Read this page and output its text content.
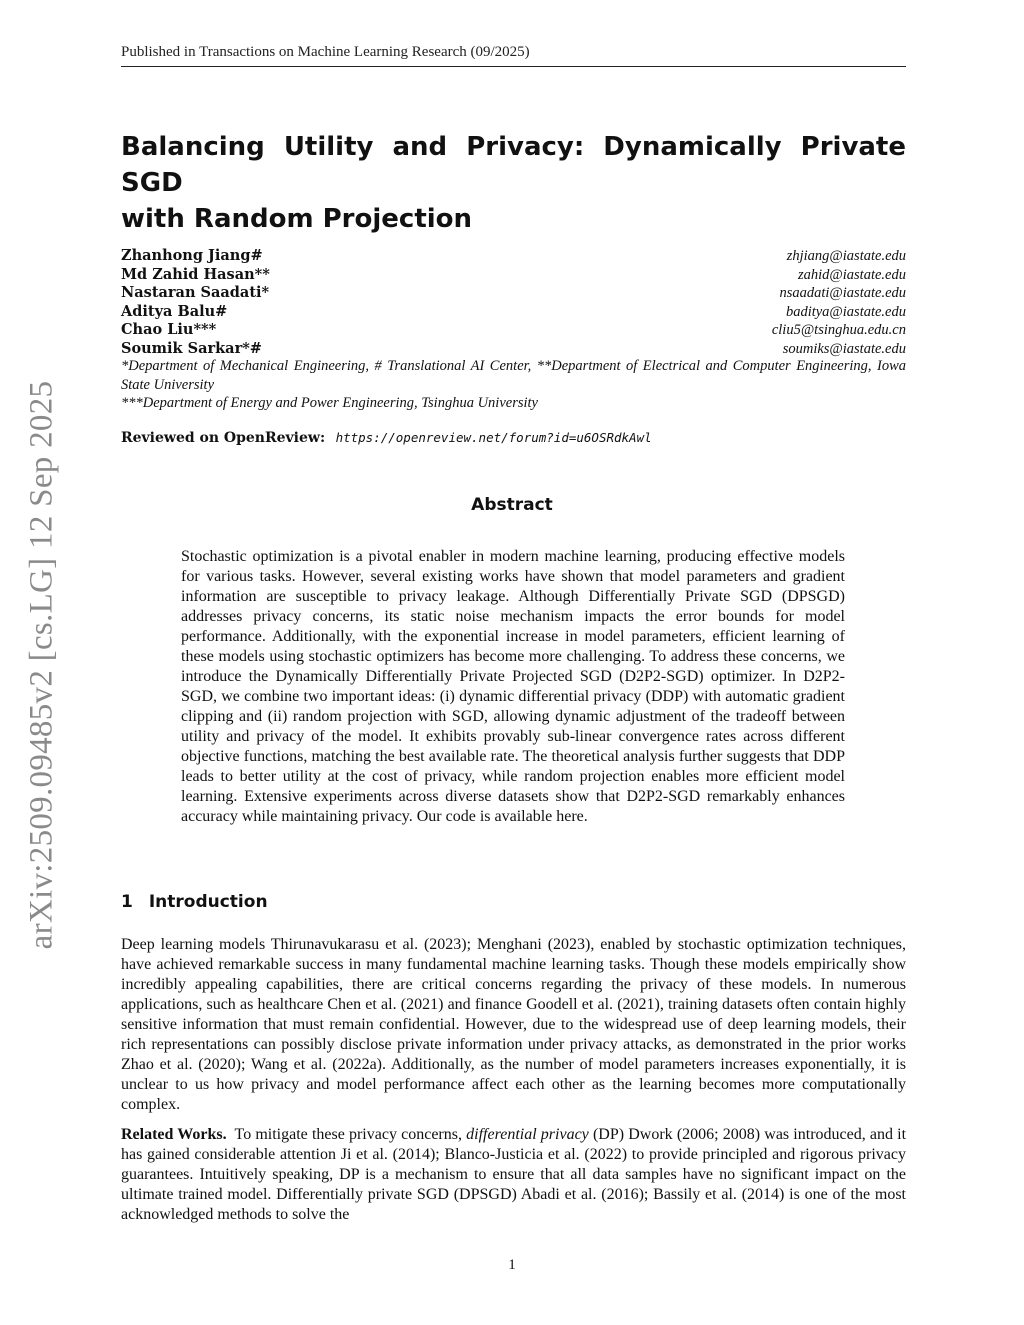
arXiv:2509.09485v2 [cs.LG] 12 Sep 2025
Published in Transactions on Machine Learning Research (09/2025)
Balancing Utility and Privacy: Dynamically Private SGD
with Random Projection
Zhanhong Jiang#	zhjiang@iastate.edu
Md Zahid Hasan**	zahid@iastate.edu
Nastaran Saadati*	nsaadati@iastate.edu
Aditya Balu#	baditya@iastate.edu
Chao Liu***	cliu5@tsinghua.edu.cn
Soumik Sarkar*#	soumiks@iastate.edu
*Department of Mechanical Engineering, # Translational AI Center, **Department of Electrical and Computer Engineering, Iowa State University
***Department of Energy and Power Engineering, Tsinghua University
Reviewed on OpenReview: https://openreview.net/forum?id=u6OSRdkAwl
Abstract

Stochastic optimization is a pivotal enabler in modern machine learning, producing effective models for various tasks. However, several existing works have shown that model parameters and gradient information are susceptible to privacy leakage. Although Differentially Private SGD (DPSGD) addresses privacy concerns, its static noise mechanism impacts the error bounds for model performance. Additionally, with the exponential increase in model parameters, efficient learning of these models using stochastic optimizers has become more challenging. To address these concerns, we introduce the Dynamically Differentially Private Projected SGD (D2P2-SGD) optimizer. In D2P2-SGD, we combine two important ideas: (i) dynamic differential privacy (DDP) with automatic gradient clipping and (ii) random projection with SGD, allowing dynamic adjustment of the tradeoff between utility and privacy of the model. It exhibits provably sub-linear convergence rates across different objective functions, matching the best available rate. The theoretical analysis further suggests that DDP leads to better utility at the cost of privacy, while random projection enables more efficient model learning. Extensive experiments across diverse datasets show that D2P2-SGD remarkably enhances accuracy while maintaining privacy. Our code is available here.

1 Introduction

Deep learning models Thirunavukarasu et al. (2023); Menghani (2023), enabled by stochastic optimization techniques, have achieved remarkable success in many fundamental machine learning tasks. Though these models empirically show incredibly appealing capabilities, there are critical concerns regarding the privacy of these models. In numerous applications, such as healthcare Chen et al. (2021) and finance Goodell et al. (2021), training datasets often contain highly sensitive information that must remain confidential. However, due to the widespread use of deep learning models, their rich representations can possibly disclose private information under privacy attacks, as demonstrated in the prior works Zhao et al. (2020); Wang et al. (2022a). Additionally, as the number of model parameters increases exponentially, it is unclear to us how privacy and model performance affect each other as the learning becomes more computationally complex.

Related Works. To mitigate these privacy concerns, differential privacy (DP) Dwork (2006; 2008) was introduced, and it has gained considerable attention Ji et al. (2014); Blanco-Justicia et al. (2022) to provide principled and rigorous privacy guarantees. Intuitively speaking, DP is a mechanism to ensure that all data samples have no significant impact on the ultimate trained model. Differentially private SGD (DPSGD) Abadi et al. (2016); Bassily et al. (2014) is one of the most acknowledged methods to solve the

1
